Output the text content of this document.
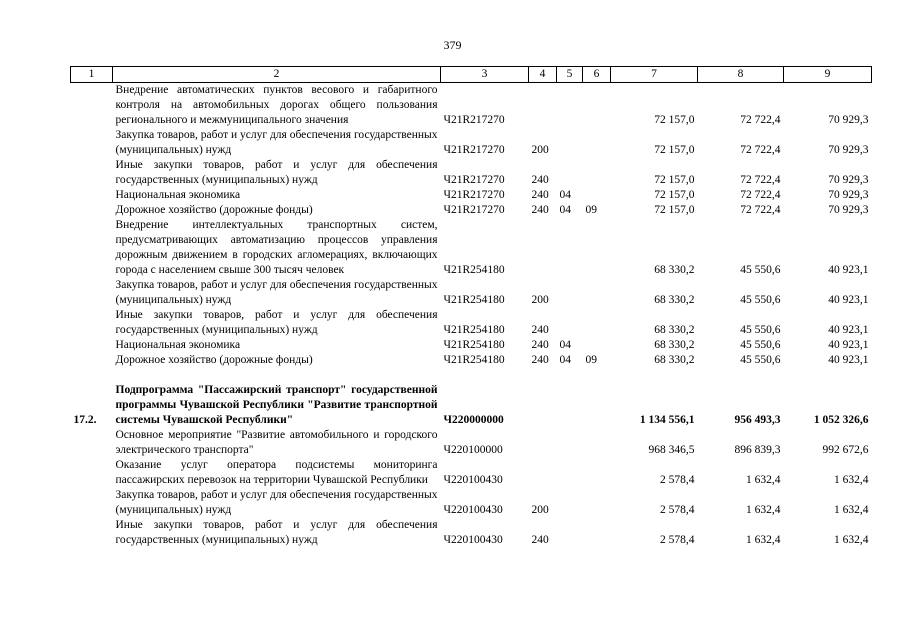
379
1	2	3	4	5	6	7	8	9
	Внедрение автоматических пунктов весового и габаритного контроля на автомобильных дорогах общего пользования регионального и межмуниципального значения	Ч21R217270				72 157,0	72 722,4	70 929,3
	Закупка товаров, работ и услуг для обеспечения государственных (муниципальных) нужд	Ч21R217270	200			72 157,0	72 722,4	70 929,3
	Иные закупки товаров, работ и услуг для обеспечения государственных (муниципальных) нужд	Ч21R217270	240			72 157,0	72 722,4	70 929,3
	Национальная экономика	Ч21R217270	240	04		72 157,0	72 722,4	70 929,3
	Дорожное хозяйство (дорожные фонды)	Ч21R217270	240	04	09	72 157,0	72 722,4	70 929,3
	Внедрение интеллектуальных транспортных систем, предусматривающих автоматизацию процессов управления дорожным движением в городских агломерациях, включающих города с населением свыше 300 тысяч человек	Ч21R254180				68 330,2	45 550,6	40 923,1
	Закупка товаров, работ и услуг для обеспечения государственных (муниципальных) нужд	Ч21R254180	200			68 330,2	45 550,6	40 923,1
	Иные закупки товаров, работ и услуг для обеспечения государственных (муниципальных) нужд	Ч21R254180	240			68 330,2	45 550,6	40 923,1
	Национальная экономика	Ч21R254180	240	04		68 330,2	45 550,6	40 923,1
	Дорожное хозяйство (дорожные фонды)	Ч21R254180	240	04	09	68 330,2	45 550,6	40 923,1

17.2.	Подпрограмма "Пассажирский транспорт" государственной программы Чувашской Республики "Развитие транспортной системы Чувашской Республики"	Ч220000000				1 134 556,1	956 493,3	1 052 326,6
	Основное мероприятие "Развитие автомобильного и городского электрического транспорта"	Ч220100000				968 346,5	896 839,3	992 672,6
	Оказание услуг оператора подсистемы мониторинга пассажирских перевозок на территории Чувашской Республики	Ч220100430				2 578,4	1 632,4	1 632,4
	Закупка товаров, работ и услуг для обеспечения государственных (муниципальных) нужд	Ч220100430	200			2 578,4	1 632,4	1 632,4
	Иные закупки товаров, работ и услуг для обеспечения государственных (муниципальных) нужд	Ч220100430	240			2 578,4	1 632,4	1 632,4
